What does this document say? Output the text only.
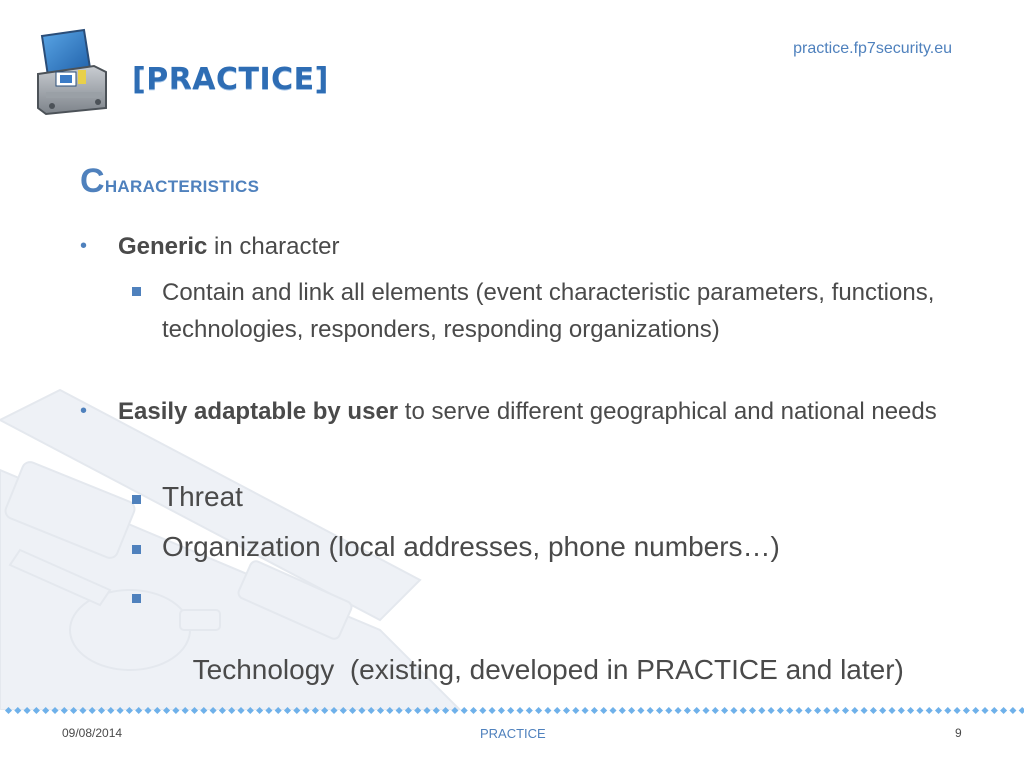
[PRACTICE]
practice.fp7security.eu
Characteristics
• Generic in character
Contain and link all elements (event characteristic parameters, functions, technologies, responders, responding organizations)
• Easily adaptable by user to serve different geographical and national needs
Threat
Organization (local addresses, phone numbers…)

Technology  (existing, developed in PRACTICE and later)

09/08/2014	PRACTICE	9
